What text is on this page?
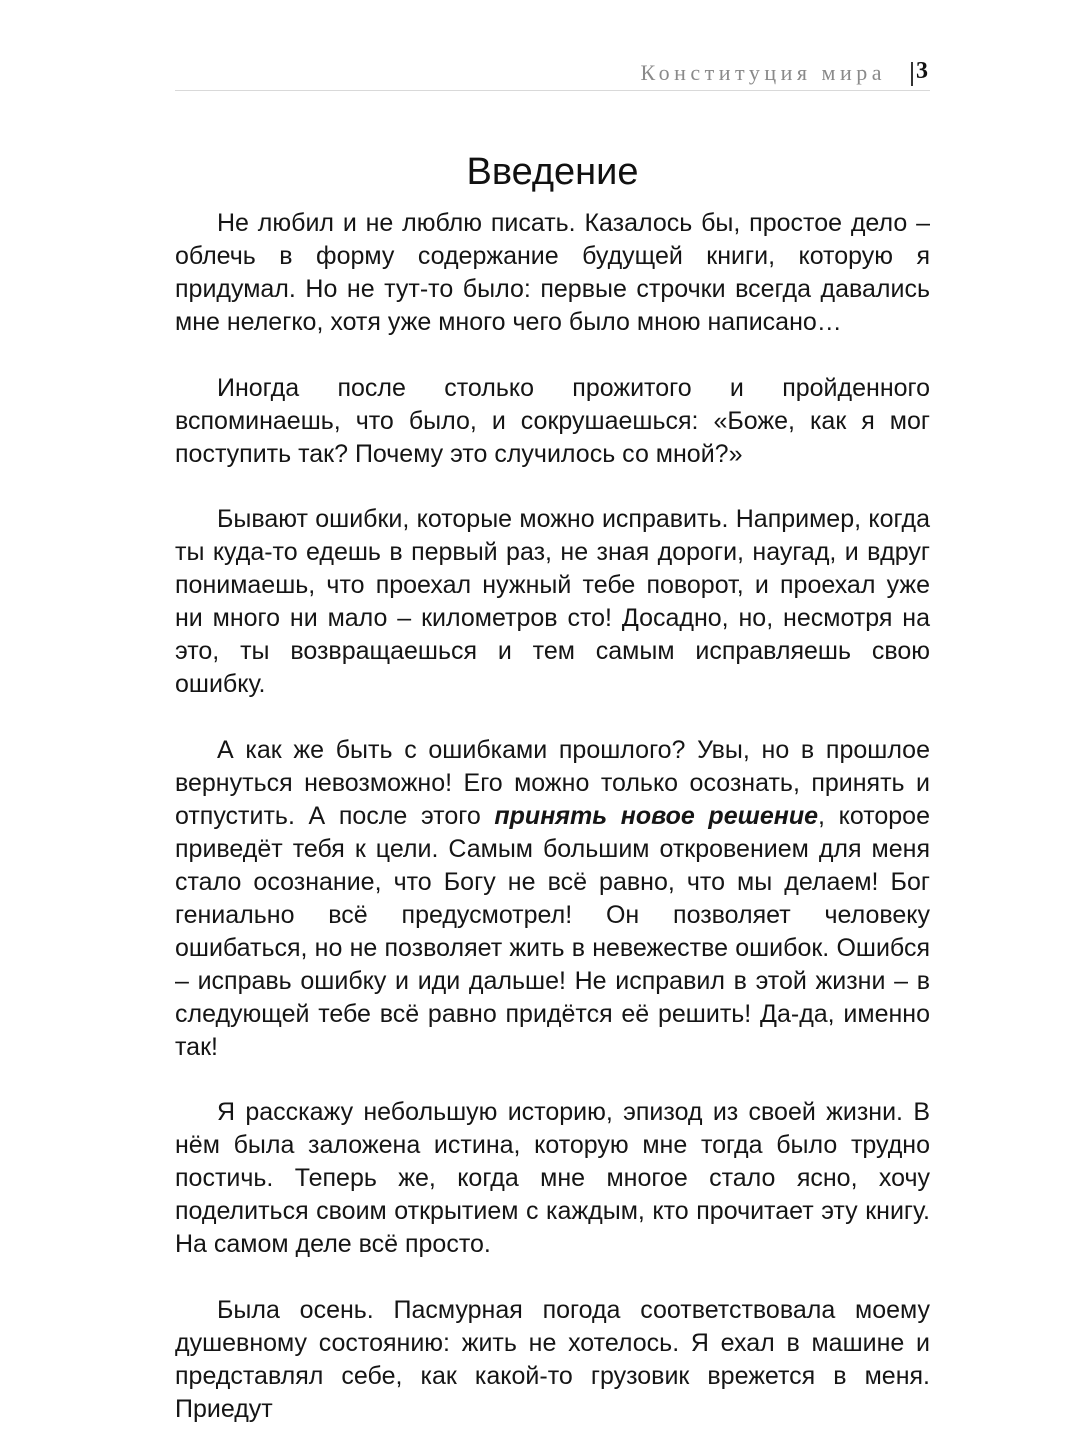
Конституция мира 3
Введение

Не любил и не люблю писать. Казалось бы, простое дело – облечь в форму содержание будущей книги, которую я придумал. Но не тут-то было: первые строчки всегда давались мне нелегко, хотя уже много чего было мною написано…

Иногда после столько прожитого и пройденного вспоминаешь, что было, и сокрушаешься: «Боже, как я мог поступить так? Почему это случилось со мной?»

Бывают ошибки, которые можно исправить. Например, когда ты куда-то едешь в первый раз, не зная дороги, наугад, и вдруг понимаешь, что проехал нужный тебе поворот, и проехал уже ни много ни мало – километров сто! Досадно, но, несмотря на это, ты возвращаешься и тем самым исправляешь свою ошибку.

А как же быть с ошибками прошлого? Увы, но в прошлое вернуться невозможно! Его можно только осознать, принять и отпустить. А после этого принять новое решение, которое приведёт тебя к цели. Самым большим откровением для меня стало осознание, что Богу не всё равно, что мы делаем! Бог гениально всё предусмотрел! Он позволяет человеку ошибаться, но не позволяет жить в невежестве ошибок. Ошибся – исправь ошибку и иди дальше! Не исправил в этой жизни – в следующей тебе всё равно придётся её решить! Да-да, именно так!

Я расскажу небольшую историю, эпизод из своей жизни. В нём была заложена истина, которую мне тогда было трудно постичь. Теперь же, когда мне многое стало ясно, хочу поделиться своим открытием с каждым, кто прочитает эту книгу. На самом деле всё просто.

Была осень. Пасмурная погода соответствовала моему душевному состоянию: жить не хотелось. Я ехал в машине и представлял себе, как какой-то грузовик врежется в меня. Приедут
